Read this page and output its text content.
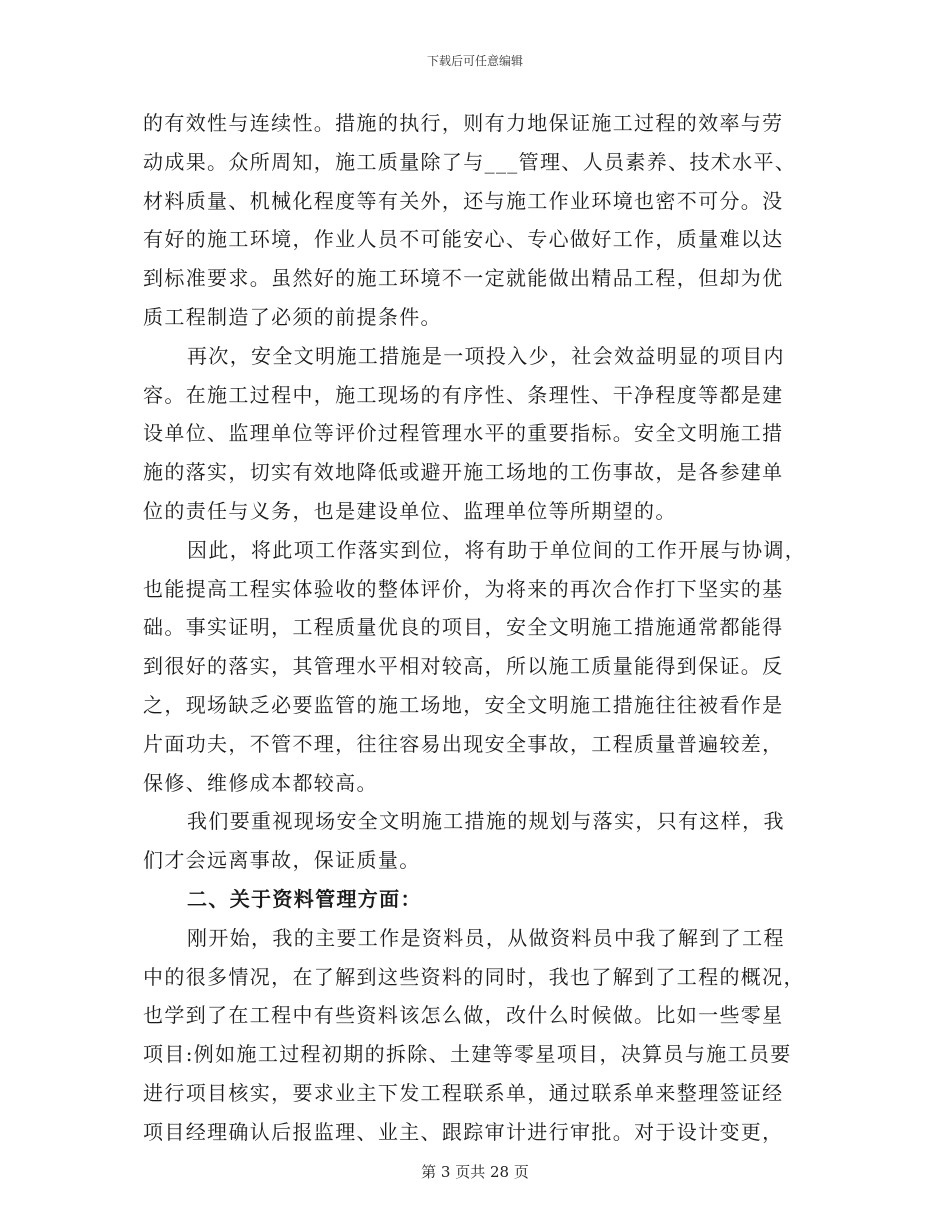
下载后可任意编辑
的有效性与连续性。措施的执行，则有力地保证施工过程的效率与劳
动成果。众所周知，施工质量除了与___管理、人员素养、技术水平、
材料质量、机械化程度等有关外，还与施工作业环境也密不可分。没
有好的施工环境，作业人员不可能安心、专心做好工作，质量难以达
到标准要求。虽然好的施工环境不一定就能做出精品工程，但却为优
质工程制造了必须的前提条件。
再次，安全文明施工措施是一项投入少，社会效益明显的项目内
容。在施工过程中，施工现场的有序性、条理性、干净程度等都是建
设单位、监理单位等评价过程管理水平的重要指标。安全文明施工措
施的落实，切实有效地降低或避开施工场地的工伤事故，是各参建单
位的责任与义务，也是建设单位、监理单位等所期望的。
因此，将此项工作落实到位，将有助于单位间的工作开展与协调，
也能提高工程实体验收的整体评价，为将来的再次合作打下坚实的基
础。事实证明，工程质量优良的项目，安全文明施工措施通常都能得
到很好的落实，其管理水平相对较高，所以施工质量能得到保证。反
之，现场缺乏必要监管的施工场地，安全文明施工措施往往被看作是
片面功夫，不管不理，往往容易出现安全事故，工程质量普遍较差，
保修、维修成本都较高。
我们要重视现场安全文明施工措施的规划与落实，只有这样，我
们才会远离事故，保证质量。
二、关于资料管理方面：
刚开始，我的主要工作是资料员，从做资料员中我了解到了工程
中的很多情况，在了解到这些资料的同时，我也了解到了工程的概况，
也学到了在工程中有些资料该怎么做，改什么时候做。比如一些零星
项目:例如施工过程初期的拆除、土建等零星项目，决算员与施工员要
进行项目核实，要求业主下发工程联系单，通过联系单来整理签证经
项目经理确认后报监理、业主、跟踪审计进行审批。对于设计变更，
第 3 页共 28 页
